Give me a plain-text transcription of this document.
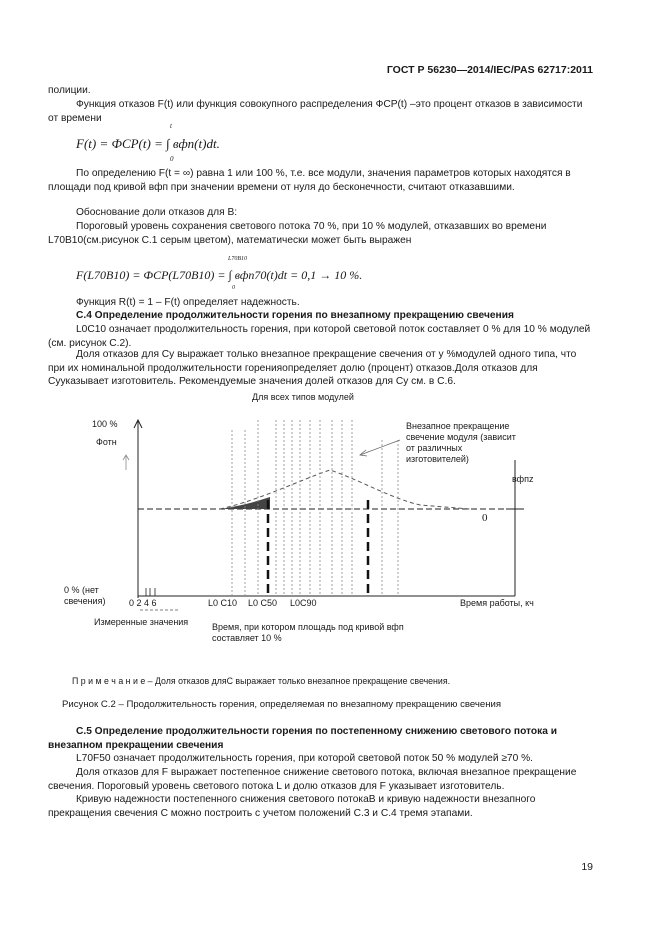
ГОСТ Р 56230—2014/IEC/PAS 62717:2011
полиции.
Функция отказов F(t) или функция совокупного распределения ФСР(t) –это процент отказов в зависимости от времени
F(t) = ФСР(t) = ∫ вфп(t)dt.
t
0
По определению F(t = ∞) равна 1 или 100 %, т.е. все модули, значения параметров которых находятся в площади под кривой вфп при значении времени от нуля до бесконечности, считают отказавшими.
Обоснование доли отказов для B:
Пороговый уровень сохранения светового потока 70 %, при 10 % модулей, отказавших во времени L70B10(см.рисунок С.1 серым цветом), математически может быть выражен
F(L70B10) = ФСР(L70B10) = ∫ вфп70(t)dt = 0,1 → 10 %.
L70B10
0
Функция R(t) = 1 – F(t) определяет надежность.
С.4 Определение продолжительности горения по внезапному прекращению свечения
L0C10 означает продолжительность горения, при которой световой поток составляет 0 % для 10 % модулей (см. рисунок С.2).
Доля отказов для Cy выражает только внезапное прекращение свечения от y %модулей одного типа, что при их номинальной продолжительности горенияопределяет долю (процент) отказов.Доля отказов для Cyуказывает изготовитель. Рекомендуемые значения долей отказов для Cy см. в С.6.
Для всех типов модулей
100 %
Фотн
0 % (нет свечения)
Внезапное прекращение свечение модуля (зависит от различных изготовителей)
вфпz
0
0 2 4 6	L0 C10 L0 C50 L0C90	Время работы, кч
Измеренные значения	Время, при котором площадь под кривой вфп составляет 10 %
П р и м е ч а н и е – Доля отказов дляC выражает только внезапное прекращение свечения.
Рисунок С.2 – Продолжительность горения, определяемая по внезапному прекращению свечения
С.5 Определение продолжительности горения по постепенному снижению светового потока и внезапном прекращении свечения
L70F50 означает продолжительность горения, при которой световой поток 50 % модулей ≥70 %.
Доля отказов для F выражает постепенное снижение светового потока, включая внезапное прекращение свечения. Пороговый уровень светового потока L и долю отказов для F указывает изготовитель.
Кривую надежности постепенного снижения светового потокаB и кривую надежности внезапного прекращения свечения C можно построить с учетом положений С.3 и С.4 тремя этапами.
19
